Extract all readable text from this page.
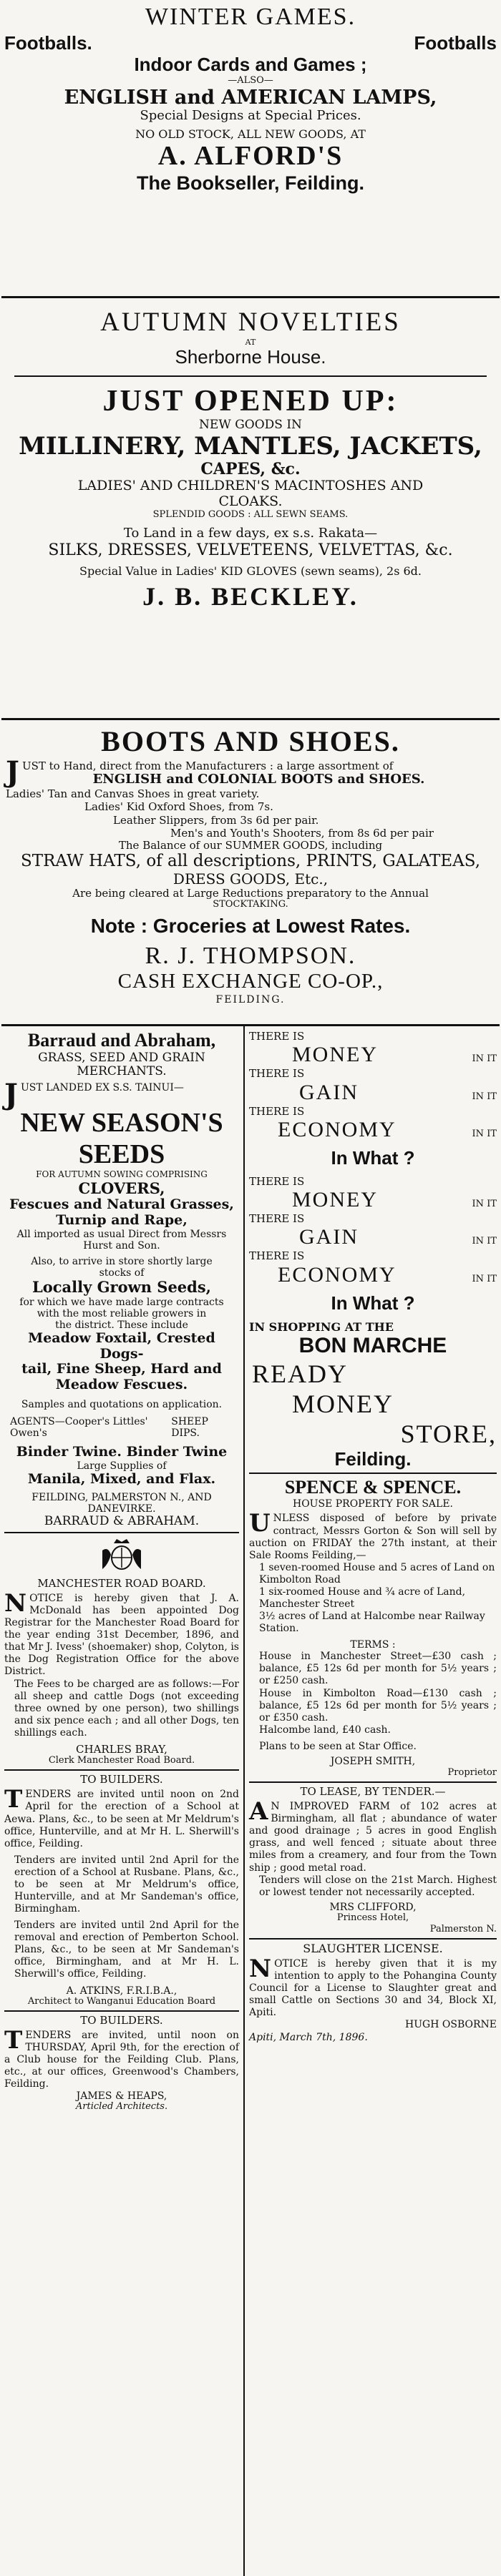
WINTER GAMES.

Footballs.	Footballs

Indoor Cards and Games ;

—ALSO—

ENGLISH and AMERICAN LAMPS,

Special Designs at Special Prices.

NO OLD STOCK, ALL NEW GOODS, AT

A. ALFORD'S

The Bookseller, Feilding.

AUTUMN NOVELTIES

AT

Sherborne House.

JUST OPENED UP:

NEW GOODS IN

MILLINERY, MANTLES, JACKETS,

CAPES, &c.

LADIES' AND CHILDREN'S MACINTOSHES AND

CLOAKS.

SPLENDID GOODS : ALL SEWN SEAMS.

To Land in a few days, ex s.s. Rakata—

SILKS, DRESSES, VELVETEENS, VELVETTAS, &c.

Special Value in Ladies' KID GLOVES (sewn seams), 2s 6d.

J. B. BECKLEY.

BOOTS AND SHOES.

JUST to Hand, direct from the Manufacturers : a large assortment of

ENGLISH and COLONIAL BOOTS and SHOES.

Ladies' Tan and Canvas Shoes in great variety.

Ladies' Kid Oxford Shoes, from 7s.

Leather Slippers, from 3s 6d per pair.

Men's and Youth's Shooters, from 8s 6d per pair

The Balance of our SUMMER GOODS, including

STRAW HATS, of all descriptions, PRINTS, GALATEAS,

DRESS GOODS, Etc.,

Are being cleared at Large Reductions preparatory to the Annual

STOCKTAKING.

Note : Groceries at Lowest Rates.

R. J. THOMPSON.

CASH EXCHANGE CO-OP.,

FEILDING.

Barraud and Abraham,

GRASS, SEED AND GRAIN

MERCHANTS.

JUST LANDED EX S.S. TAINUI—

NEW SEASON'S

SEEDS

FOR AUTUMN SOWING COMPRISING

CLOVERS,

Fescues and Natural Grasses,

Turnip and Rape,

All imported as usual Direct from Messrs

Hurst and Son.

Also, to arrive in store shortly large

stocks of

Locally Grown Seeds,

for which we have made large contracts

with the most reliable growers in

the district. These include

Meadow Foxtail, Crested Dogs-

tail, Fine Sheep, Hard and

Meadow Fescues.

Samples and quotations on application.

AGENTS—Cooper's Littles' Owen's
SHEEP DIPS.

Binder Twine. Binder Twine

Large Supplies of

Manila, Mixed, and Flax.

FEILDING, PALMERSTON N., AND

DANEVIRKE.

BARRAUD & ABRAHAM.

MANCHESTER ROAD BOARD.

NOTICE is hereby given that J. A. McDonald has been appointed Dog Registrar for the Manchester Road Board for the year ending 31st December, 1896, and that Mr J. Ivess' (shoemaker) shop, Colyton, is the Dog Registration Office for the above District.

The Fees to be charged are as follows:—For all sheep and cattle Dogs (not exceeding three owned by one person), two shillings and six pence each ; and all other Dogs, ten shillings each.

CHARLES BRAY,

Clerk Manchester Road Board.

TO BUILDERS.

TENDERS are invited until noon on 2nd April for the erection of a School at Aewa. Plans, &c., to be seen at Mr Meldrum's office, Hunterville, and at Mr H. L. Sherwill's office, Feilding.

Tenders are invited until 2nd April for the erection of a School at Rusbane. Plans, &c., to be seen at Mr Meldrum's office, Hunterville, and at Mr Sandeman's office, Birmingham.

Tenders are invited until 2nd April for the removal and erection of Pemberton School. Plans, &c., to be seen at Mr Sandeman's office, Birmingham, and at Mr H. L. Sherwill's office, Feilding.

A. ATKINS, F.R.I.B.A.,

Architect to Wanganui Education Board

TO BUILDERS.

TENDERS are invited, until noon on THURSDAY, April 9th, for the erection of a Club house for the Feilding Club. Plans, etc., at our offices, Greenwood's Chambers, Feilding.

JAMES & HEAPS,

Articled Architects.

THERE IS

MONEY	IN IT

THERE IS

GAIN	IN IT

THERE IS

ECONOMY	IN IT

In What ?

THERE IS

MONEY	IN IT

THERE IS

GAIN	IN IT

THERE IS

ECONOMY	IN IT

In What ?

IN SHOPPING AT THE

BON MARCHE

READY

MONEY

STORE,

Feilding.

SPENCE & SPENCE.

HOUSE PROPERTY FOR SALE.

UNLESS disposed of before by private contract, Messrs Gorton & Son will sell by auction on FRIDAY the 27th instant, at their Sale Rooms Feilding,—

1 seven-roomed House and 5 acres of Land on Kimbolton Road

1 six-roomed House and ¾ acre of Land, Manchester Street

3½ acres of Land at Halcombe near Railway Station.

TERMS :

House in Manchester Street—£30 cash ; balance, £5 12s 6d per month for 5½ years ; or £250 cash.

House in Kimbolton Road—£130 cash ; balance, £5 12s 6d per month for 5½ years ; or £350 cash.

Halcombe land, £40 cash.

Plans to be seen at Star Office.

JOSEPH SMITH,

Proprietor

TO LEASE, BY TENDER.—

A N IMPROVED FARM of 102 acres at Birmingham, all flat ; abundance of water and good drainage ; 5 acres in good English grass, and well fenced ; situate about three miles from a creamery, and four from the Town ship ; good metal road.

Tenders will close on the 21st March. Highest or lowest tender not necessarily accepted.

MRS CLIFFORD,

Princess Hotel,

Palmerston N.

SLAUGHTER LICENSE.

NOTICE is hereby given that it is my intention to apply to the Pohangina County Council for a License to Slaughter great and small Cattle on Sections 30 and 34, Block XI, Apiti.

HUGH OSBORNE

Apiti, March 7th, 1896.
